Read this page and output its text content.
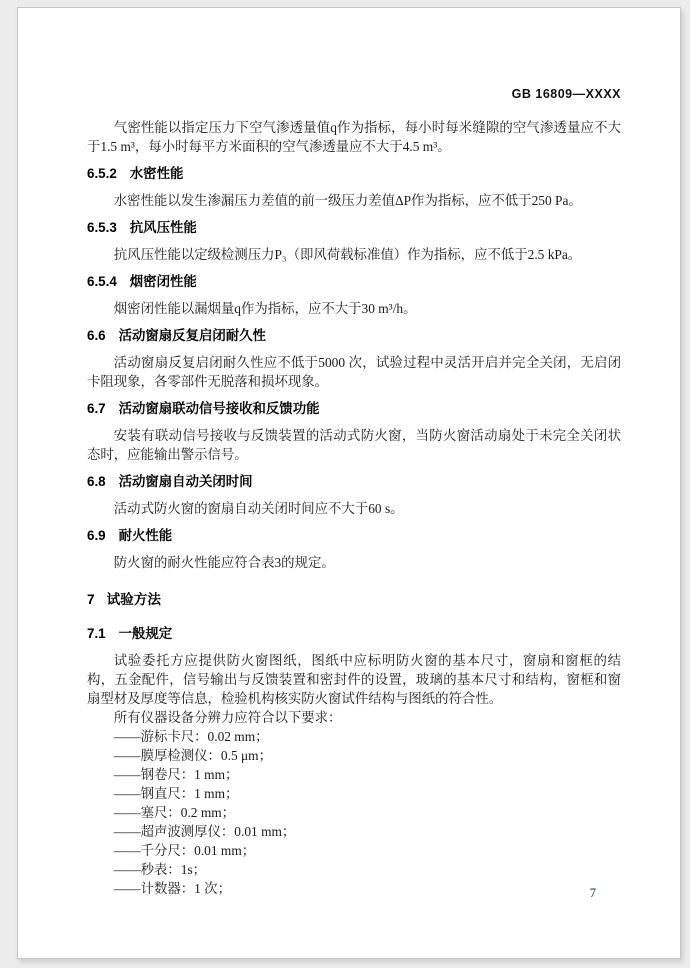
GB 16809—XXXX

气密性能以指定压力下空气渗透量值q作为指标，每小时每米缝隙的空气渗透量应不大于1.5 m³，每小时每平方米面积的空气渗透量应不大于4.5 m³。

6.5.2 水密性能

水密性能以发生渗漏压力差值的前一级压力差值ΔP作为指标，应不低于250 Pa。

6.5.3 抗风压性能

抗风压性能以定级检测压力P₃（即风荷载标准值）作为指标，应不低于2.5 kPa。

6.5.4 烟密闭性能

烟密闭性能以漏烟量q作为指标，应不大于30 m³/h。

6.6 活动窗扇反复启闭耐久性

活动窗扇反复启闭耐久性应不低于5000 次，试验过程中灵活开启并完全关闭，无启闭卡阻现象，各零部件无脱落和损坏现象。

6.7 活动窗扇联动信号接收和反馈功能

安装有联动信号接收与反馈装置的活动式防火窗，当防火窗活动扇处于未完全关闭状态时，应能输出警示信号。

6.8 活动窗扇自动关闭时间

活动式防火窗的窗扇自动关闭时间应不大于60 s。

6.9 耐火性能

防火窗的耐火性能应符合表3的规定。

7 试验方法
7.1 一般规定

试验委托方应提供防火窗图纸，图纸中应标明防火窗的基本尺寸，窗扇和窗框的结构，五金配件，信号输出与反馈装置和密封件的设置，玻璃的基本尺寸和结构，窗框和窗扇型材及厚度等信息，检验机构核实防火窗试件结构与图纸的符合性。

所有仪器设备分辨力应符合以下要求：

——游标卡尺：0.02 mm；
——膜厚检测仪：0.5 μm；
——钢卷尺：1 mm；
——钢直尺：1 mm；
——塞尺：0.2 mm；
——超声波测厚仪：0.01 mm；
——千分尺：0.01 mm；
——秒表：1s；
——计数器：1 次；	7
